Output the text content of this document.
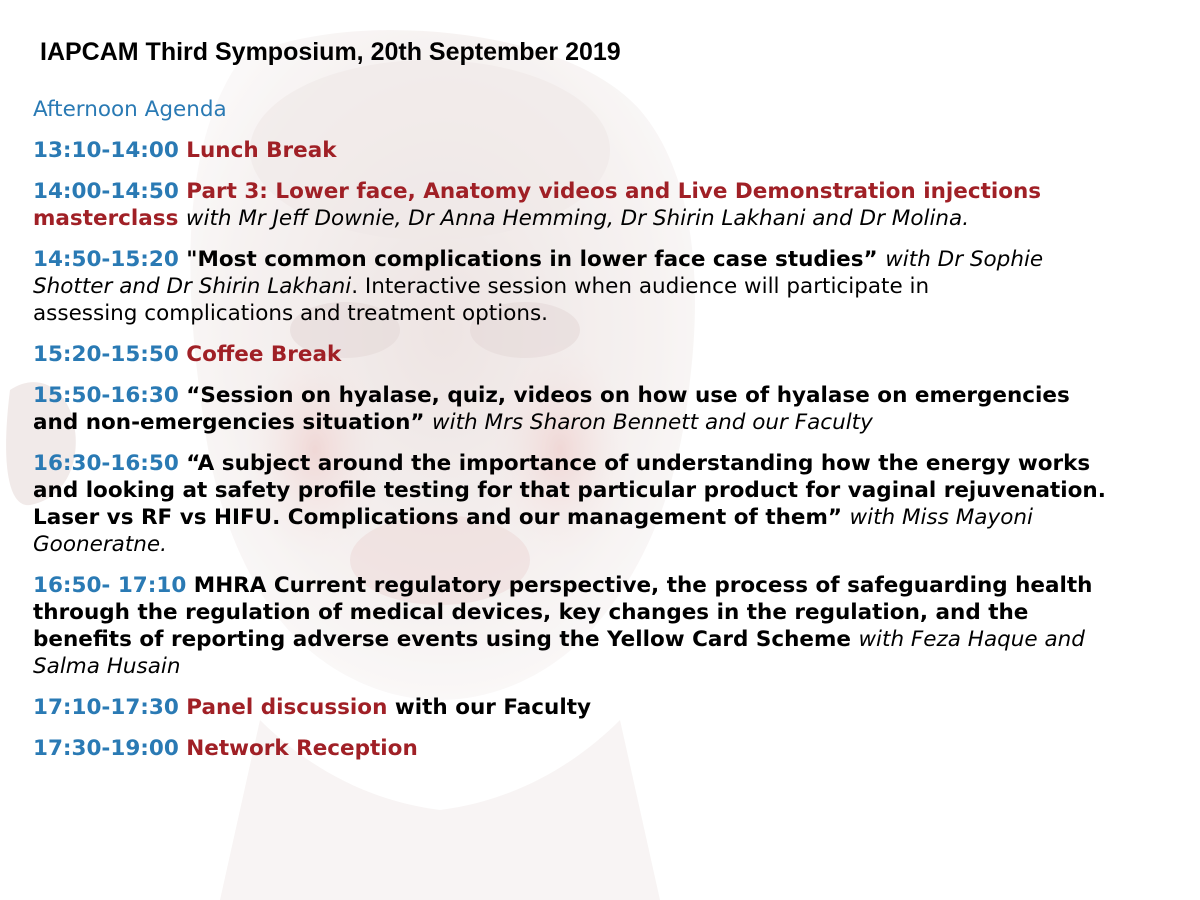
IAPCAM Third Symposium, 20th September 2019
Afternoon Agenda
13:10-14:00 Lunch Break
14:00-14:50 Part 3: Lower face, Anatomy videos and Live Demonstration injections
masterclass with Mr Jeff Downie, Dr Anna Hemming, Dr Shirin Lakhani and Dr Molina.
14:50-15:20 "Most common complications in lower face case studies” with Dr Sophie
Shotter and Dr Shirin Lakhani. Interactive session when audience will participate in
assessing complications and treatment options.
15:20-15:50 Coffee Break
15:50-16:30 “Session on hyalase, quiz, videos on how use of hyalase on emergencies
and non-emergencies situation” with Mrs Sharon Bennett and our Faculty
16:30-16:50 “A subject around the importance of understanding how the energy works
and looking at safety profile testing for that particular product for vaginal rejuvenation.
Laser vs RF vs HIFU. Complications and our management of them” with Miss Mayoni
Gooneratne.
16:50- 17:10 MHRA Current regulatory perspective, the process of safeguarding health
through the regulation of medical devices, key changes in the regulation, and the
benefits of reporting adverse events using the Yellow Card Scheme with Feza Haque and
Salma Husain
17:10-17:30 Panel discussion with our Faculty
17:30-19:00 Network Reception
